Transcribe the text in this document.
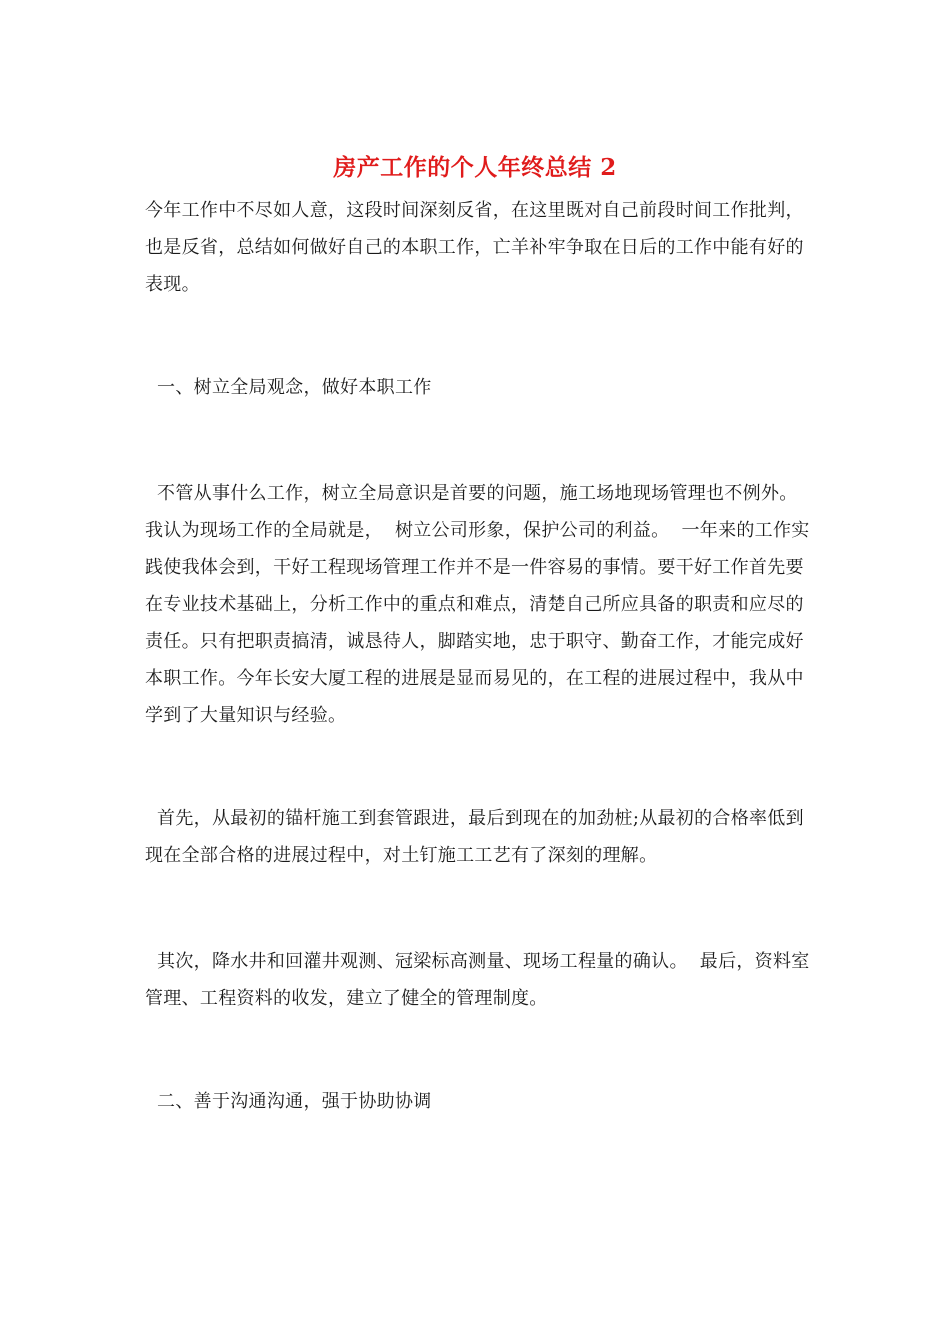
房产工作的个人年终总结 2

今年工作中不尽如人意，这段时间深刻反省，在这里既对自己前段时间工作批判，也是反省，总结如何做好自己的本职工作，亡羊补牢争取在日后的工作中能有好的表现。

一、树立全局观念，做好本职工作

不管从事什么工作，树立全局意识是首要的问题，施工场地现场管理也不例外。我认为现场工作的全局就是，  树立公司形象，保护公司的利益。  一年来的工作实践使我体会到，干好工程现场管理工作并不是一件容易的事情。要干好工作首先要在专业技术基础上，分析工作中的重点和难点，清楚自己所应具备的职责和应尽的责任。只有把职责搞清，诚恳待人，脚踏实地，忠于职守、勤奋工作，才能完成好本职工作。今年长安大厦工程的进展是显而易见的，在工程的进展过程中，我从中学到了大量知识与经验。

首先，从最初的锚杆施工到套管跟进，最后到现在的加劲桩;从最初的合格率低到现在全部合格的进展过程中，对土钉施工工艺有了深刻的理解。

其次，降水井和回灌井观测、冠梁标高测量、现场工程量的确认。  最后，资料室管理、工程资料的收发，建立了健全的管理制度。

二、善于沟通沟通，强于协助协调
